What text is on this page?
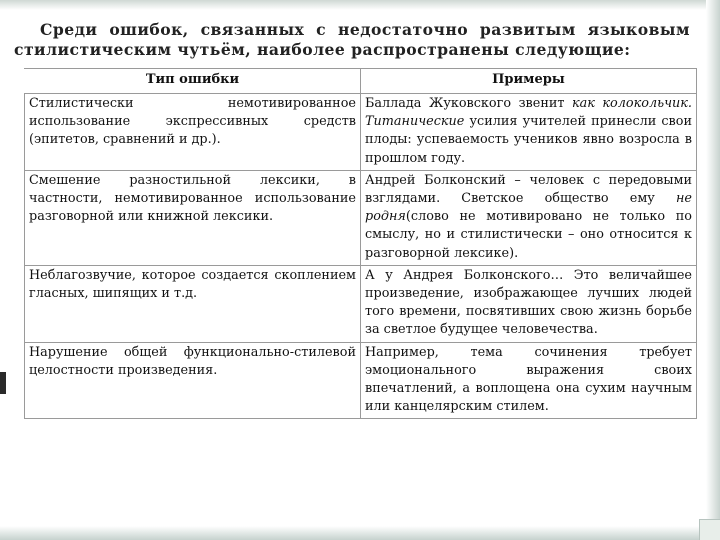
Среди ошибок, связанных с недостаточно развитым языковым стилистическим чутьём, наиболее распространены следующие:
Тип ошибки	Примеры
Стилистически немотивированное использование экспрессивных средств (эпитетов, сравнений и др.).	Баллада Жуковского звенит как колокольчик. Титанические усилия учителей принесли свои плоды: успеваемость учеников явно возросла в прошлом году.
Смешение разностильной лексики, в частности, немотивированное использование разговорной или книжной лексики.	Андрей Болконский – человек с передовыми взглядами. Светское общество ему не родня(слово не мотивировано не только по смыслу, но и стилистически – оно относится к разговорной лексике).
Неблагозвучие, которое создается скоплением гласных, шипящих и т.д.	А у Андрея Болконского… Это величайшее произведение, изображающее лучших людей того времени, посвятивших свою жизнь борьбе за светлое будущее человечества.
Нарушение общей функционально-стилевой целостности произведения.	Например, тема сочинения требует эмоционального выражения своих впечатлений, а воплощена она сухим научным или канцелярским стилем.
